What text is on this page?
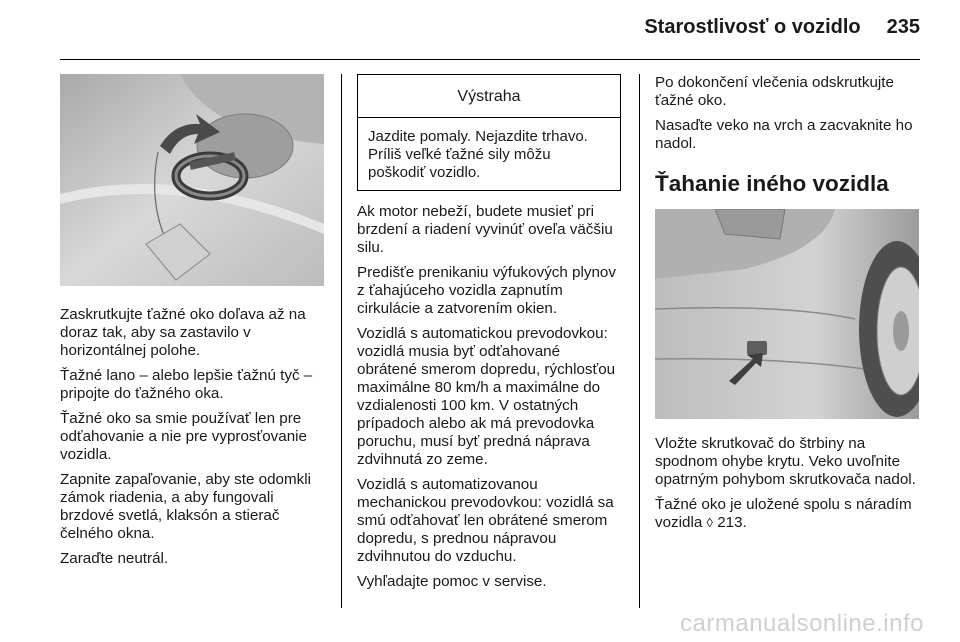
Starostlivosť o vozidlo 235

Zaskrutkujte ťažné oko doľava až na doraz tak, aby sa zastavilo v horizontálnej polohe.

Ťažné lano – alebo lepšie ťažnú tyč – pripojte do ťažného oka.

Ťažné oko sa smie používať len pre odťahovanie a nie pre vyprosťovanie vozidla.

Zapnite zapaľovanie, aby ste odomkli zámok riadenia, a aby fungovali brzdové svetlá, klaksón a stierač čelného okna.

Zaraďte neutrál.

Výstraha
Jazdite pomaly. Nejazdite trhavo. Príliš veľké ťažné sily môžu poškodiť vozidlo.

Ak motor nebeží, budete musieť pri brzdení a riadení vyvinúť oveľa väčšiu silu.

Predišťe prenikaniu výfukových plynov z ťahajúceho vozidla zapnutím cirkulácie a zatvorením okien.

Vozidlá s automatickou prevodovkou: vozidlá musia byť odťahované obrátené smerom dopredu, rýchlosťou maximálne 80 km/h a maximálne do vzdialenosti 100 km. V ostatných prípadoch alebo ak má prevodovka poruchu, musí byť predná náprava zdvihnutá zo zeme.

Vozidlá s automatizovanou mechanickou prevodovkou: vozidlá sa smú odťahovať len obrátené smerom dopredu, s prednou nápravou zdvihnutou do vzduchu.

Vyhľadajte pomoc v servise.

Po dokončení vlečenia odskrutkujte ťažné oko.

Nasaďte veko na vrch a zacvaknite ho nadol.

Ťahanie iného vozidla

Vložte skrutkovač do štrbiny na spodnom ohybe krytu. Veko uvoľnite opatrným pohybom skrutkovača nadol.

Ťažné oko je uložené spolu s náradím vozidla ◊ 213.

carmanualsonline.info
